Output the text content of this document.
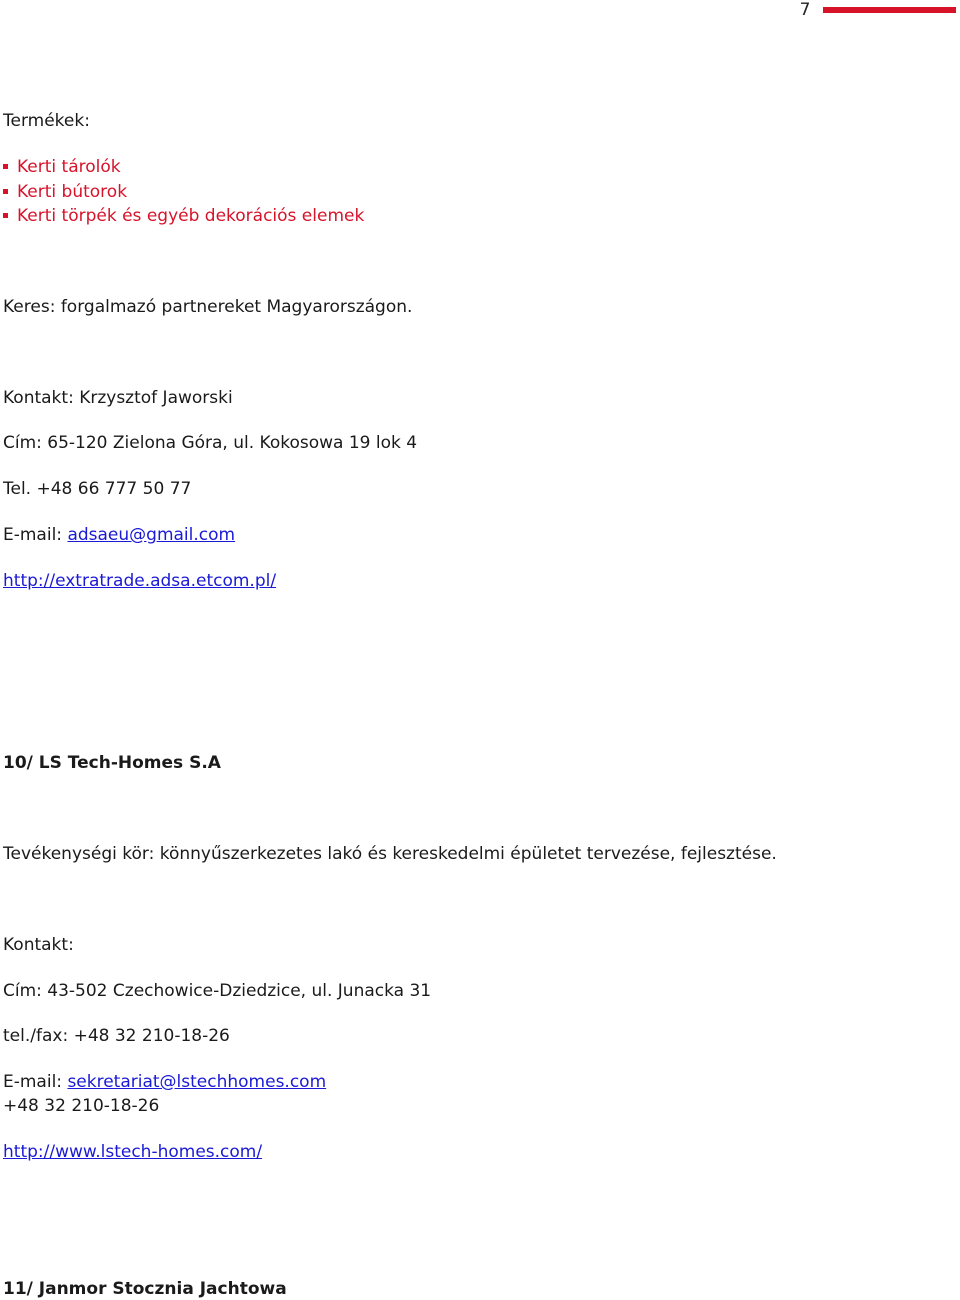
7
Termékek:
Kerti tárolók
Kerti bútorok
Kerti törpék és egyéb dekorációs elemek
Keres: forgalmazó partnereket Magyarországon.
Kontakt: Krzysztof Jaworski
Cím: 65-120 Zielona Góra, ul. Kokosowa 19 lok 4
Tel. +48 66 777 50 77
E-mail: adsaeu@gmail.com
http://extratrade.adsa.etcom.pl/
10/ LS Tech-Homes S.A
Tevékenységi kör: könnyűszerkezetes lakó és kereskedelmi épületet tervezése, fejlesztése.
Kontakt:
Cím: 43-502 Czechowice-Dziedzice, ul. Junacka 31
tel./fax: +48 32 210-18-26
E-mail: sekretariat@lstechhomes.com
+48 32 210-18-26
http://www.lstech-homes.com/
11/ Janmor Stocznia Jachtowa
